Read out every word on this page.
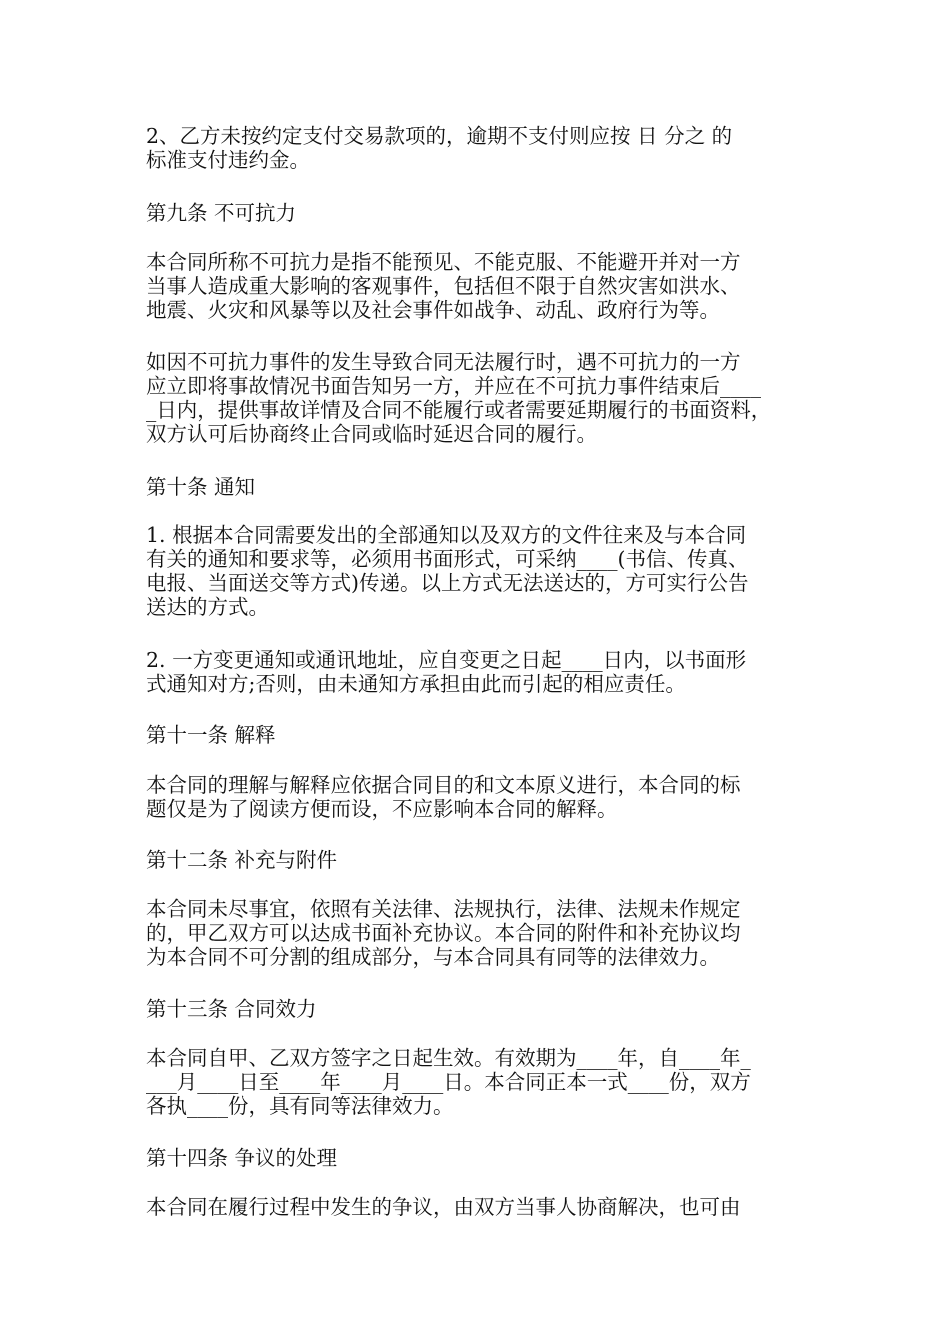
2、乙方未按约定支付交易款项的，逾期不支付则应按 日 分之 的
标准支付违约金。
第九条 不可抗力
本合同所称不可抗力是指不能预见、不能克服、不能避开并对一方
当事人造成重大影响的客观事件，包括但不限于自然灾害如洪水、
地震、火灾和风暴等以及社会事件如战争、动乱、政府行为等。
如因不可抗力事件的发生导致合同无法履行时，遇不可抗力的一方
应立即将事故情况书面告知另一方，并应在不可抗力事件结束后____
_日内，提供事故详情及合同不能履行或者需要延期履行的书面资料，
双方认可后协商终止合同或临时延迟合同的履行。
第十条 通知
1. 根据本合同需要发出的全部通知以及双方的文件往来及与本合同
有关的通知和要求等，必须用书面形式，可采纳____(书信、传真、
电报、当面送交等方式)传递。以上方式无法送达的，方可实行公告
送达的方式。
2. 一方变更通知或通讯地址，应自变更之日起____日内，以书面形
式通知对方;否则，由未通知方承担由此而引起的相应责任。
第十一条 解释
本合同的理解与解释应依据合同目的和文本原义进行，本合同的标
题仅是为了阅读方便而设，不应影响本合同的解释。
第十二条 补充与附件
本合同未尽事宜，依照有关法律、法规执行，法律、法规未作规定
的，甲乙双方可以达成书面补充协议。本合同的附件和补充协议均
为本合同不可分割的组成部分，与本合同具有同等的法律效力。
第十三条 合同效力
本合同自甲、乙双方签字之日起生效。有效期为____年，自____年_
___月____日至____年____月____日。本合同正本一式____份，双方
各执____份，具有同等法律效力。
第十四条 争议的处理
本合同在履行过程中发生的争议，由双方当事人协商解决，也可由
